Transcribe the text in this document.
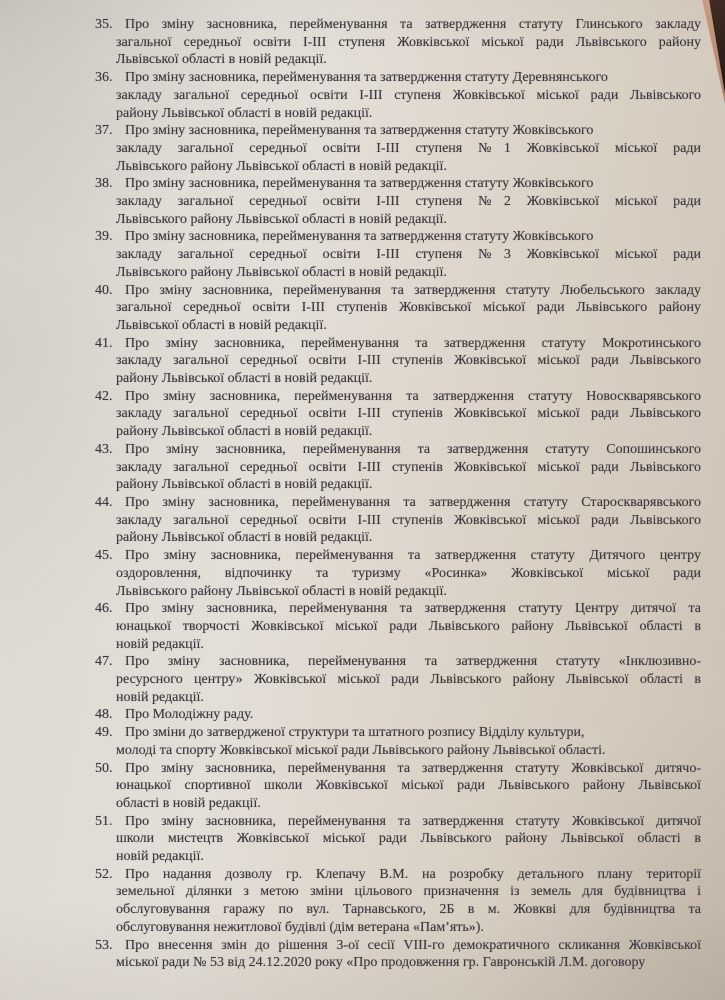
35. Про зміну засновника, перейменування та затвердження статуту Глинського закладу
загальної середньої освіти І-ІІІ ступеня Жовківської міської ради Львівського району
Львівської області в новій редакції.
36. Про зміну засновника, перейменування та затвердження статуту Деревнянського
закладу загальної середньої освіти І-ІІІ ступеня Жовківської міської ради Львівського
району Львівської області в новій редакції.
37. Про зміну засновника, перейменування та затвердження статуту Жовківського
закладу загальної середньої освіти І-ІІІ ступеня №1 Жовківської міської ради
Львівського району Львівської області в новій редакції.
38. Про зміну засновника, перейменування та затвердження статуту Жовківського
закладу загальної середньої освіти І-ІІІ ступеня №2 Жовківської міської ради
Львівського району Львівської області в новій редакції.
39. Про зміну засновника, перейменування та затвердження статуту Жовківського
закладу загальної середньої освіти І-ІІІ ступеня №3 Жовківської міської ради
Львівського району Львівської області в новій редакції.
40. Про зміну засновника, перейменування та затвердження статуту Любельського закладу
загальної середньої освіти І-ІІІ ступенів Жовківської міської ради Львівського району
Львівської області в новій редакції.
41. Про зміну засновника, перейменування та затвердження статуту Мокротинського
закладу загальної середньої освіти І-ІІІ ступенів Жовківської міської ради Львівського
району Львівської області в новій редакції.
42. Про зміну засновника, перейменування та затвердження статуту Новоскварявського
закладу загальної середньої освіти І-ІІІ ступенів Жовківської міської ради Львівського
району Львівської області в новій редакції.
43. Про зміну засновника, перейменування та затвердження статуту Сопошинського
закладу загальної середньої освіти І-ІІІ ступенів Жовківської міської ради Львівського
району Львівської області в новій редакції.
44. Про зміну засновника, перейменування та затвердження статуту Староскварявського
закладу загальної середньої освіти І-ІІІ ступенів Жовківської міської ради Львівського
району Львівської області в новій редакції.
45. Про зміну засновника, перейменування та затвердження статуту Дитячого центру
оздоровлення, відпочинку та туризму «Росинка» Жовківської міської ради
Львівського району Львівської області в новій редакції.
46. Про зміну засновника, перейменування та затвердження статуту Центру дитячої та
юнацької творчості Жовківської міської ради Львівського району Львівської області в
новій редакції.
47. Про зміну засновника, перейменування та затвердження статуту «Інклюзивно-
ресурсного центру» Жовківської міської ради Львівського району Львівської області в
новій редакції.
48. Про Молодіжну раду.
49. Про зміни до затвердженої структури та штатного розпису Відділу культури,
молоді та спорту Жовківської міської ради Львівського району Львівської області.
50. Про зміну засновника, перейменування та затвердження статуту Жовківської дитячо-
юнацької спортивної школи Жовківської міської ради Львівського району Львівської
області в новій редакції.
51. Про зміну засновника, перейменування та затвердження статуту Жовківської дитячої
школи мистецтв Жовківської міської ради Львівського району Львівської області в
новій редакції.
52. Про надання дозволу гр. Клепачу В.М. на розробку детального плану території
земельної ділянки з метою зміни цільового призначення із земель для будівництва і
обслуговування гаражу по вул. Тарнавського, 2Б в м. Жовкві для будівництва та
обслуговування нежитлової будівлі (дім ветерана «Пам’ять»).
53. Про внесення змін до рішення 3-ої сесії VIII-го демократичного скликання Жовківської
міської ради № 53 від 24.12.2020 року «Про продовження гр. Гавронській Л.М. договору
